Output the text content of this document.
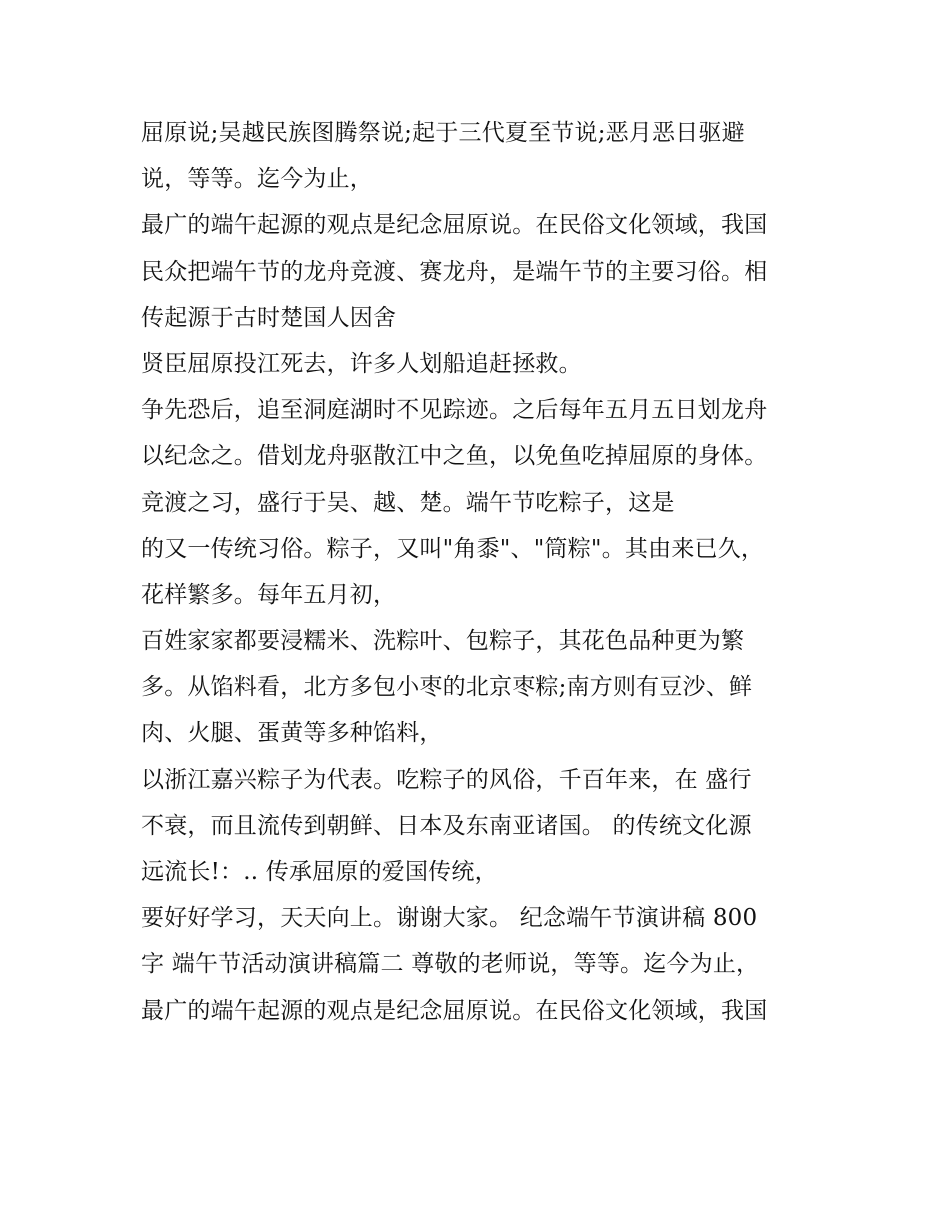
屈原说;吴越民族图腾祭说;起于三代夏至节说;恶月恶日驱避
说，等等。迄今为止，
最广的端午起源的观点是纪念屈原说。在民俗文化领域，我国
民众把端午节的龙舟竞渡、赛龙舟，是端午节的主要习俗。相
传起源于古时楚国人因舍
贤臣屈原投江死去，许多人划船追赶拯救。
争先恐后，追至洞庭湖时不见踪迹。之后每年五月五日划龙舟
以纪念之。借划龙舟驱散江中之鱼，以免鱼吃掉屈原的身体。
竞渡之习，盛行于吴、越、楚。端午节吃粽子，这是
的又一传统习俗。粽子，又叫"角黍"、"筒粽"。其由来已久，
花样繁多。每年五月初，
百姓家家都要浸糯米、洗粽叶、包粽子，其花色品种更为繁
多。从馅料看，北方多包小枣的北京枣粽;南方则有豆沙、鲜
肉、火腿、蛋黄等多种馅料，
以浙江嘉兴粽子为代表。吃粽子的风俗，千百年来，在 盛行
不衰，而且流传到朝鲜、日本及东南亚诸国。 的传统文化源
远流长!：.. 传承屈原的爱国传统，
要好好学习，天天向上。谢谢大家。 纪念端午节演讲稿 800
字 端午节活动演讲稿篇二 尊敬的老师说，等等。迄今为止，
最广的端午起源的观点是纪念屈原说。在民俗文化领域，我国
